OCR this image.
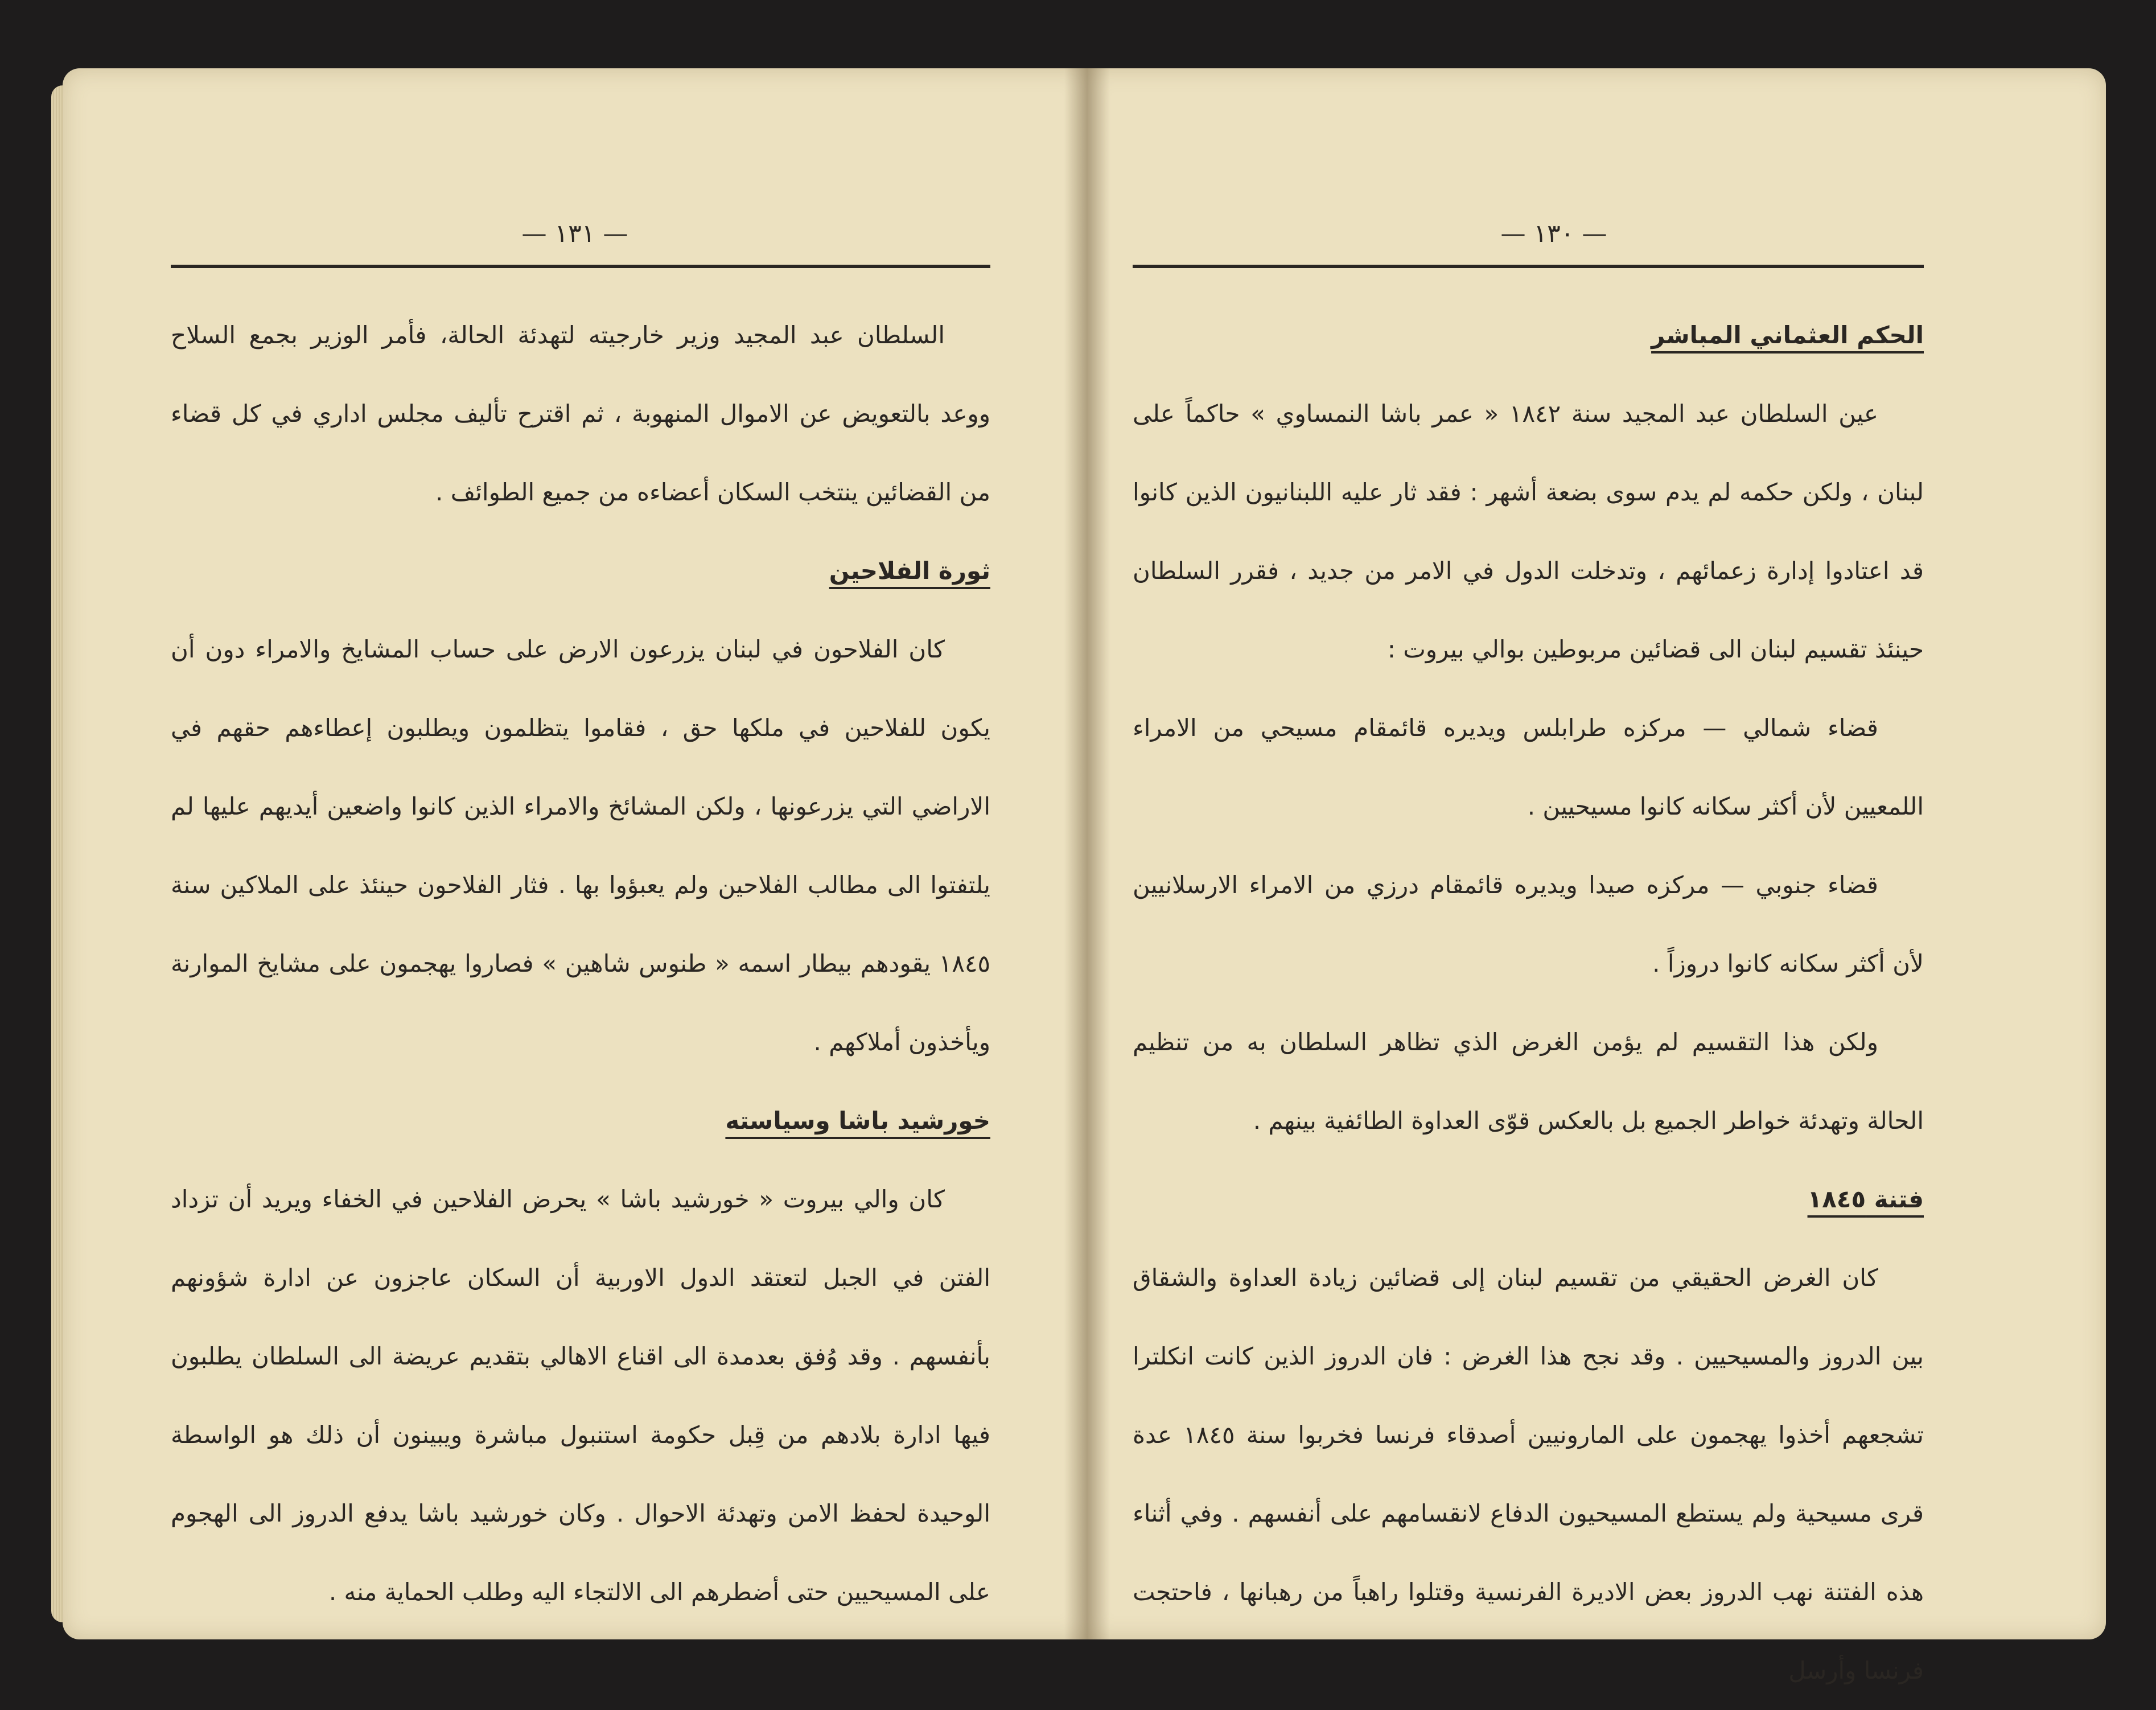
— ١٣١ —

السلطان عبد المجيد وزير خارجيته لتهدئة الحالة، فأمر الوزير بجمع السلاح ووعد بالتعويض عن الاموال المنهوبة ، ثم اقترح تأليف مجلس اداري في كل قضاء من القضائين ينتخب السكان أعضاءه من جميع الطوائف .

ثورة الفلاحين

كان الفلاحون في لبنان يزرعون الارض على حساب المشايخ والامراء دون أن يكون للفلاحين في ملكها حق ، فقاموا يتظلمون ويطلبون إعطاءهم حقهم في الاراضي التي يزرعونها ، ولكن المشائخ والامراء الذين كانوا واضعين أيديهم عليها لم يلتفتوا الى مطالب الفلاحين ولم يعبؤوا بها . فثار الفلاحون حينئذ على الملاكين سنة ١٨٤٥ يقودهم بيطار اسمه « طنوس شاهين » فصاروا يهجمون على مشايخ الموارنة ويأخذون أملاكهم .

خورشيد باشا وسياسته

كان والي بيروت « خورشيد باشا » يحرض الفلاحين في الخفاء ويريد أن تزداد الفتن في الجبل لتعتقد الدول الاوربية أن السكان عاجزون عن ادارة شؤونهم بأنفسهم . وقد وُفق بعدمدة الى اقناع الاهالي بتقديم عريضة الى السلطان يطلبون فيها ادارة بلادهم من قِبل حكومة استنبول مباشرة ويبينون أن ذلك هو الواسطة الوحيدة لحفظ الامن وتهدئة الاحوال . وكان خورشيد باشا يدفع الدروز الى الهجوم على المسيحيين حتى أضطرهم الى الالتجاء اليه وطلب الحماية منه .

— ١٣٠ —
الحكم العثماني المباشر

عين السلطان عبد المجيد سنة ١٨٤٢ « عمر باشا النمساوي » حاكماً على لبنان ، ولكن حكمه لم يدم سوى بضعة أشهر : فقد ثار عليه اللبنانيون الذين كانوا قد اعتادوا إدارة زعمائهم ، وتدخلت الدول في الامر من جديد ، فقرر السلطان حينئذ تقسيم لبنان الى قضائين مربوطين بوالي بيروت :

قضاء شمالي — مركزه طرابلس ويديره قائمقام مسيحي من الامراء اللمعيين لأن أكثر سكانه كانوا مسيحيين .

قضاء جنوبي — مركزه صيدا ويديره قائمقام درزي من الامراء الارسلانيين لأن أكثر سكانه كانوا دروزاً .

ولكن هذا التقسيم لم يؤمن الغرض الذي تظاهر السلطان به من تنظيم الحالة وتهدئة خواطر الجميع بل بالعكس قوّى العداوة الطائفية بينهم .

فتنة ١٨٤٥

كان الغرض الحقيقي من تقسيم لبنان إلى قضائين زيادة العداوة والشقاق بين الدروز والمسيحيين . وقد نجح هذا الغرض : فان الدروز الذين كانت انكلترا تشجعهم أخذوا يهجمون على المارونيين أصدقاء فرنسا فخربوا سنة ١٨٤٥ عدة قرى مسيحية ولم يستطع المسيحيون الدفاع لانقسامهم على أنفسهم . وفي أثناء هذه الفتنة نهب الدروز بعض الاديرة الفرنسية وقتلوا راهباً من رهبانها ، فاحتجت فرنسا وأرسل
